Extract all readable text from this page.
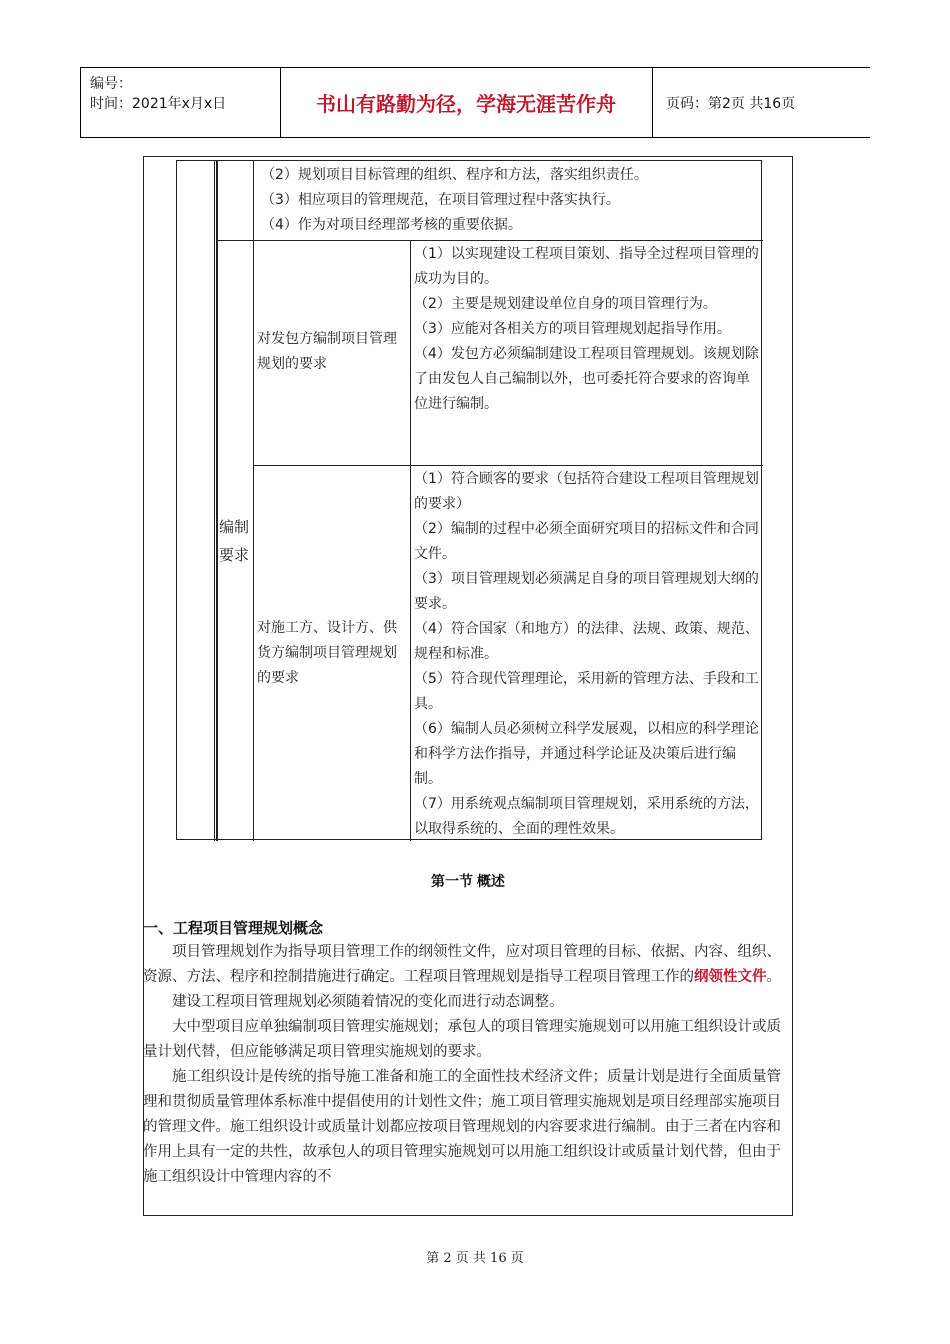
编号：
时间：2021年x月x日	书山有路勤为径，学海无涯苦作舟	页码：第2页 共16页

（2）规划项目目标管理的组织、程序和方法，落实组织责任。

（3）相应项目的管理规范，在项目管理过程中落实执行。

（4）作为对项目经理部考核的重要依据。

编制

要求

对发包方编制项目管理规划的要求

（1）以实现建设工程项目策划、指导全过程项目管理的成功为目的。

（2）主要是规划建设单位自身的项目管理行为。

（3）应能对各相关方的项目管理规划起指导作用。

（4）发包方必须编制建设工程项目管理规划。该规划除了由发包人自己编制以外，也可委托符合要求的咨询单位进行编制。

对施工方、设计方、供货方编制项目管理规划的要求

（1）符合顾客的要求（包括符合建设工程项目管理规划的要求）

（2）编制的过程中必须全面研究项目的招标文件和合同文件。

（3）项目管理规划必须满足自身的项目管理规划大纲的要求。

（4）符合国家（和地方）的法律、法规、政策、规范、规程和标准。

（5）符合现代管理理论，采用新的管理方法、手段和工具。

（6）编制人员必须树立科学发展观，以相应的科学理论和科学方法作指导，并通过科学论证及决策后进行编制。

（7）用系统观点编制项目管理规划，采用系统的方法，以取得系统的、全面的理性效果。

第一节 概述
一、工程项目管理规划概念

项目管理规划作为指导项目管理工作的纲领性文件，应对项目管理的目标、依据、内容、组织、资源、方法、程序和控制措施进行确定。工程项目管理规划是指导工程项目管理工作的纲领性文件。

建设工程项目管理规划必须随着情况的变化而进行动态调整。

大中型项目应单独编制项目管理实施规划；承包人的项目管理实施规划可以用施工组织设计或质量计划代替，但应能够满足项目管理实施规划的要求。

施工组织设计是传统的指导施工准备和施工的全面性技术经济文件；质量计划是进行全面质量管理和贯彻质量管理体系标准中提倡使用的计划性文件；施工项目管理实施规划是项目经理部实施项目的管理文件。施工组织设计或质量计划都应按项目管理规划的内容要求进行编制。由于三者在内容和作用上具有一定的共性，故承包人的项目管理实施规划可以用施工组织设计或质量计划代替，但由于施工组织设计中管理内容的不

第 2 页 共 16 页
